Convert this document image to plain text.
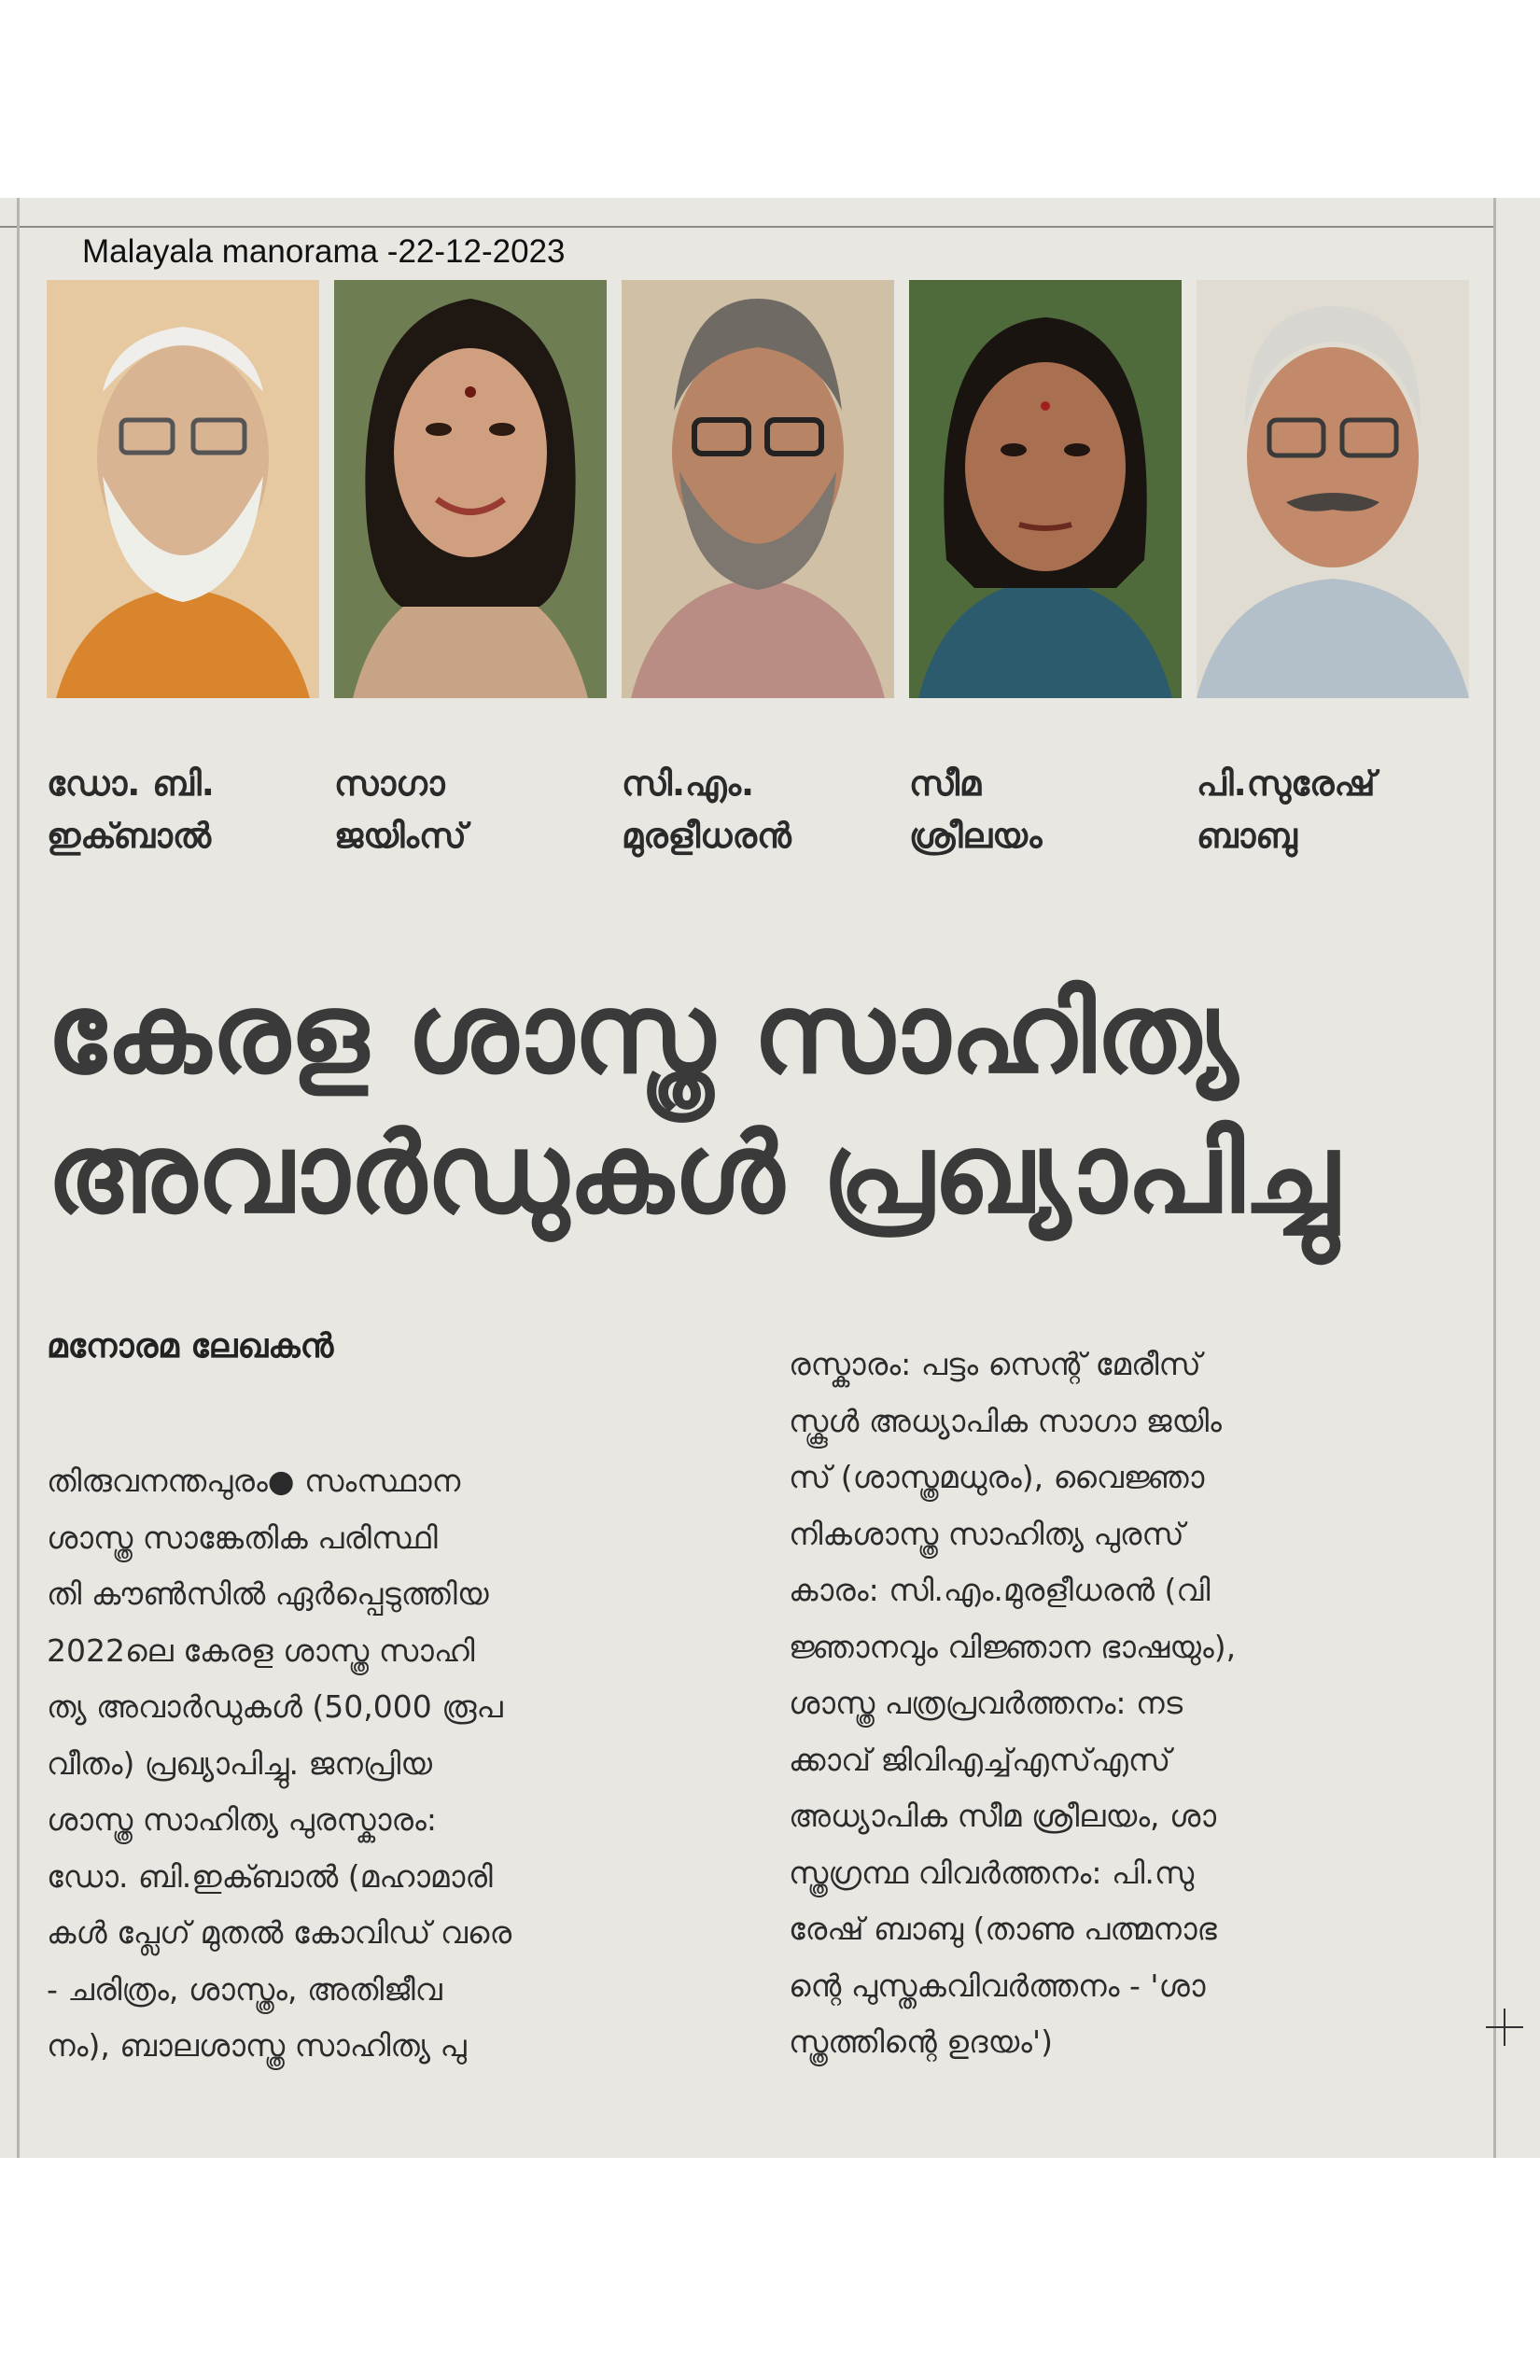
Malayala manorama -22-12-2023
ഡോ. ബി.
ഇക്ബാൽ
സാഗാ
ജയിംസ്
സി.എം.
മുരളീധരൻ
സീമ
ശ്രീലയം
പി.സുരേഷ്
ബാബു
കേരള ശാസ്ത്ര സാഹിത്യ
അവാർഡുകൾ പ്രഖ്യാപിച്ചു
മനോരമ ലേഖകൻ
തിരുവനന്തപുരം● സംസ്ഥാന
ശാസ്ത്ര സാങ്കേതിക പരിസ്ഥി
തി കൗൺസിൽ ഏർപ്പെടുത്തിയ
2022ലെ കേരള ശാസ്ത്ര സാഹി
ത്യ അവാർഡുകൾ (50,000 രൂപ
വീതം) പ്രഖ്യാപിച്ചു. ജനപ്രിയ
ശാസ്ത്ര സാഹിത്യ പുരസ്കാരം:
ഡോ. ബി.ഇക്ബാൽ (മഹാമാരി
കൾ പ്ലേഗ് മുതൽ കോവിഡ് വരെ
- ചരിത്രം, ശാസ്ത്രം, അതിജീവ
നം), ബാലശാസ്ത്ര സാഹിത്യ പു
രസ്കാരം: പട്ടം സെന്റ് മേരീസ്
സ്കൂൾ അധ്യാപിക സാഗാ ജയിം
സ് (ശാസ്ത്രമധുരം), വൈജ്ഞാ
നികശാസ്ത്ര സാഹിത്യ പുരസ്
കാരം: സി.എം.മുരളീധരൻ (വി
ജ്ഞാനവും വിജ്ഞാന ഭാഷയും),
ശാസ്ത്ര പത്രപ്രവർത്തനം: നട
ക്കാവ് ജിവിഎച്ച്എസ്എസ്
അധ്യാപിക സീമ ശ്രീലയം, ശാ
സ്ത്രഗ്രന്ഥ വിവർത്തനം: പി.സു
രേഷ് ബാബു (താണു പത്മനാഭ
ന്റെ പുസ്തകവിവർത്തനം - 'ശാ
സ്ത്രത്തിന്റെ ഉദയം')
